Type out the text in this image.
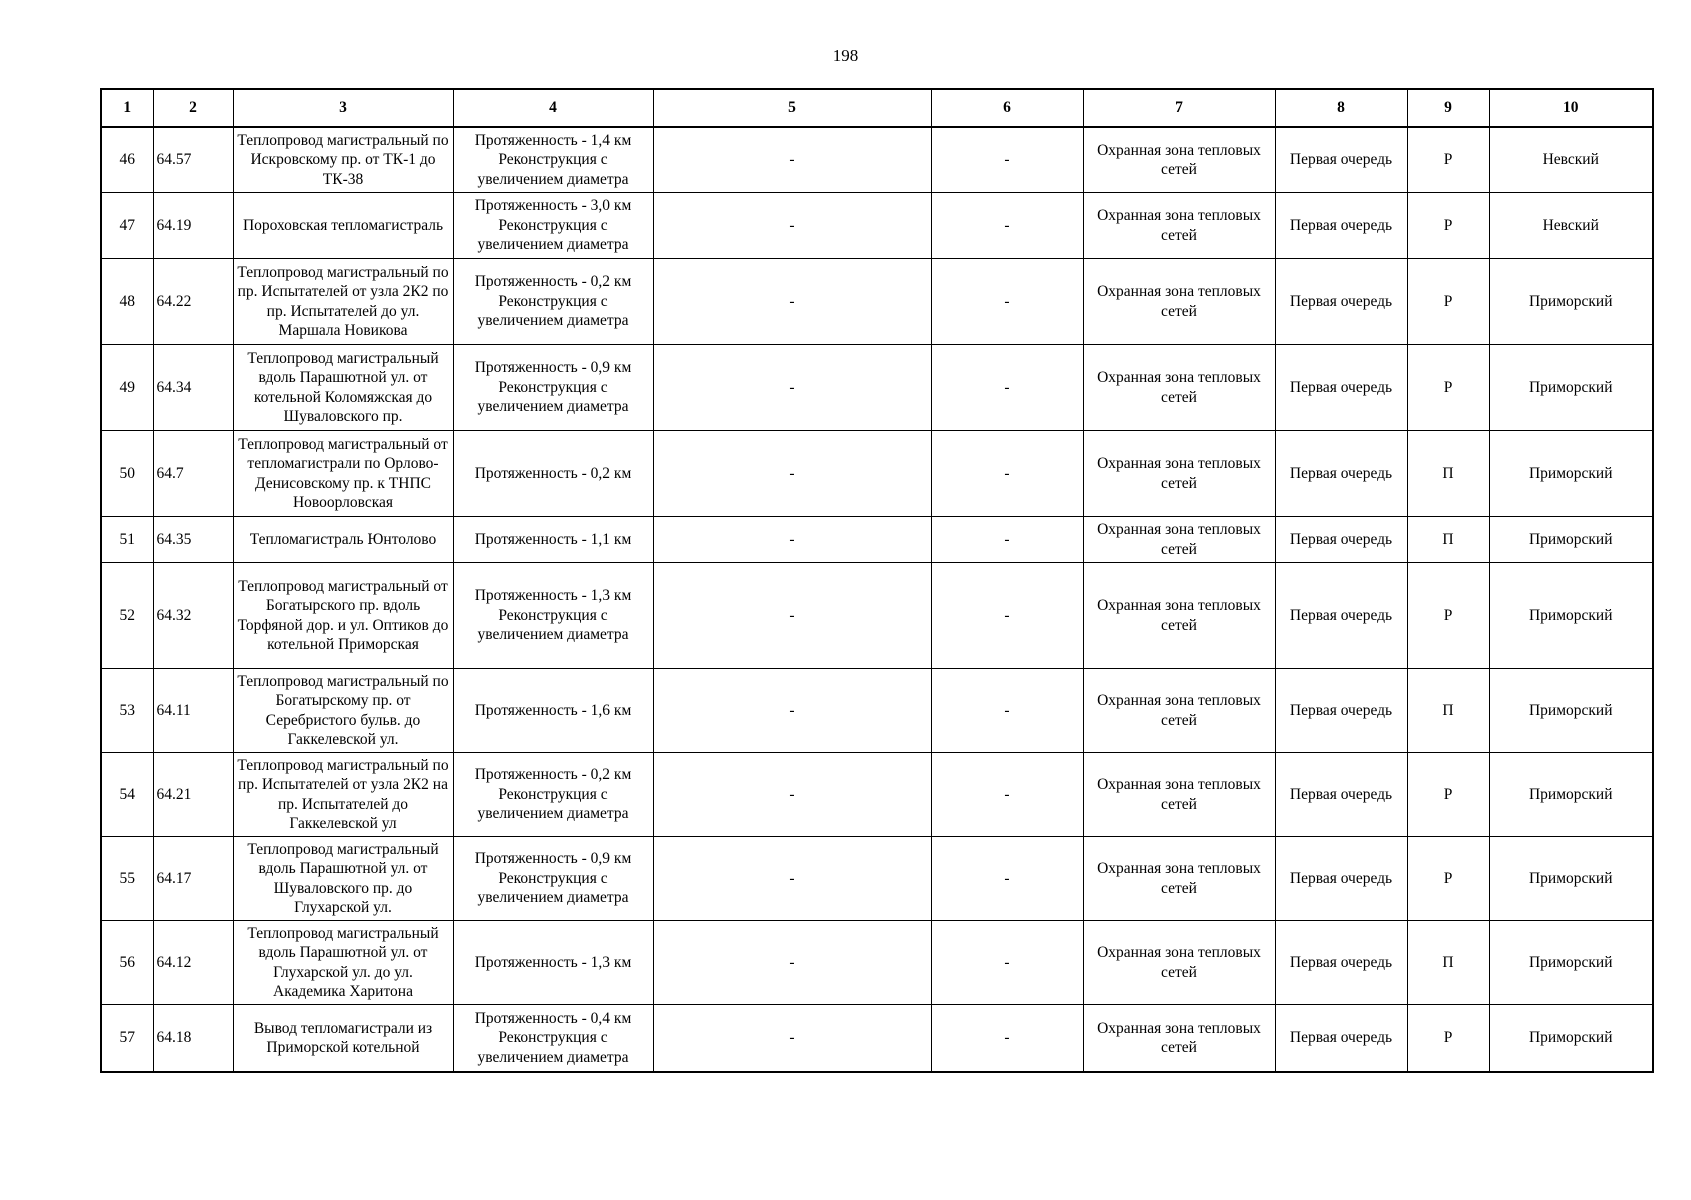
198
1	2	3	4	5	6	7	8	9	10
46	64.57	Теплопровод магистральный по Искровскому пр. от ТК-1 до ТК-38	Протяженность - 1,4 км Реконструкция с увеличением диаметра	-	-	Охранная зона тепловых сетей	Первая очередь	Р	Невский
47	64.19	Пороховская тепломагистраль	Протяженность - 3,0 км Реконструкция с увеличением диаметра	-	-	Охранная зона тепловых сетей	Первая очередь	Р	Невский
48	64.22	Теплопровод магистральный по пр. Испытателей от узла 2К2 по пр. Испытателей до ул. Маршала Новикова	Протяженность - 0,2 км Реконструкция с увеличением диаметра	-	-	Охранная зона тепловых сетей	Первая очередь	Р	Приморский
49	64.34	Теплопровод магистральный вдоль Парашютной ул. от котельной Коломяжская до Шуваловского пр.	Протяженность - 0,9 км Реконструкция с увеличением диаметра	-	-	Охранная зона тепловых сетей	Первая очередь	Р	Приморский
50	64.7	Теплопровод магистральный от тепломагистрали по Орлово-Денисовскому пр. к ТНПС Новоорловская	Протяженность - 0,2 км	-	-	Охранная зона тепловых сетей	Первая очередь	П	Приморский
51	64.35	Тепломагистраль Юнтолово	Протяженность - 1,1 км	-	-	Охранная зона тепловых сетей	Первая очередь	П	Приморский
52	64.32	Теплопровод магистральный от Богатырского пр. вдоль Торфяной дор. и ул. Оптиков до котельной Приморская	Протяженность - 1,3 км Реконструкция с увеличением диаметра	-	-	Охранная зона тепловых сетей	Первая очередь	Р	Приморский
53	64.11	Теплопровод магистральный по Богатырскому пр. от Серебристого бульв. до Гаккелевской ул.	Протяженность - 1,6 км	-	-	Охранная зона тепловых сетей	Первая очередь	П	Приморский
54	64.21	Теплопровод магистральный по пр. Испытателей от узла 2К2 на пр. Испытателей до Гаккелевской ул	Протяженность - 0,2 км Реконструкция с увеличением диаметра	-	-	Охранная зона тепловых сетей	Первая очередь	Р	Приморский
55	64.17	Теплопровод магистральный вдоль Парашютной ул. от Шуваловского пр. до Глухарской ул.	Протяженность - 0,9 км Реконструкция с увеличением диаметра	-	-	Охранная зона тепловых сетей	Первая очередь	Р	Приморский
56	64.12	Теплопровод магистральный вдоль Парашютной ул. от Глухарской ул. до ул. Академика Харитона	Протяженность - 1,3 км	-	-	Охранная зона тепловых сетей	Первая очередь	П	Приморский
57	64.18	Вывод тепломагистрали из Приморской котельной	Протяженность - 0,4 км Реконструкция с увеличением диаметра	-	-	Охранная зона тепловых сетей	Первая очередь	Р	Приморский
